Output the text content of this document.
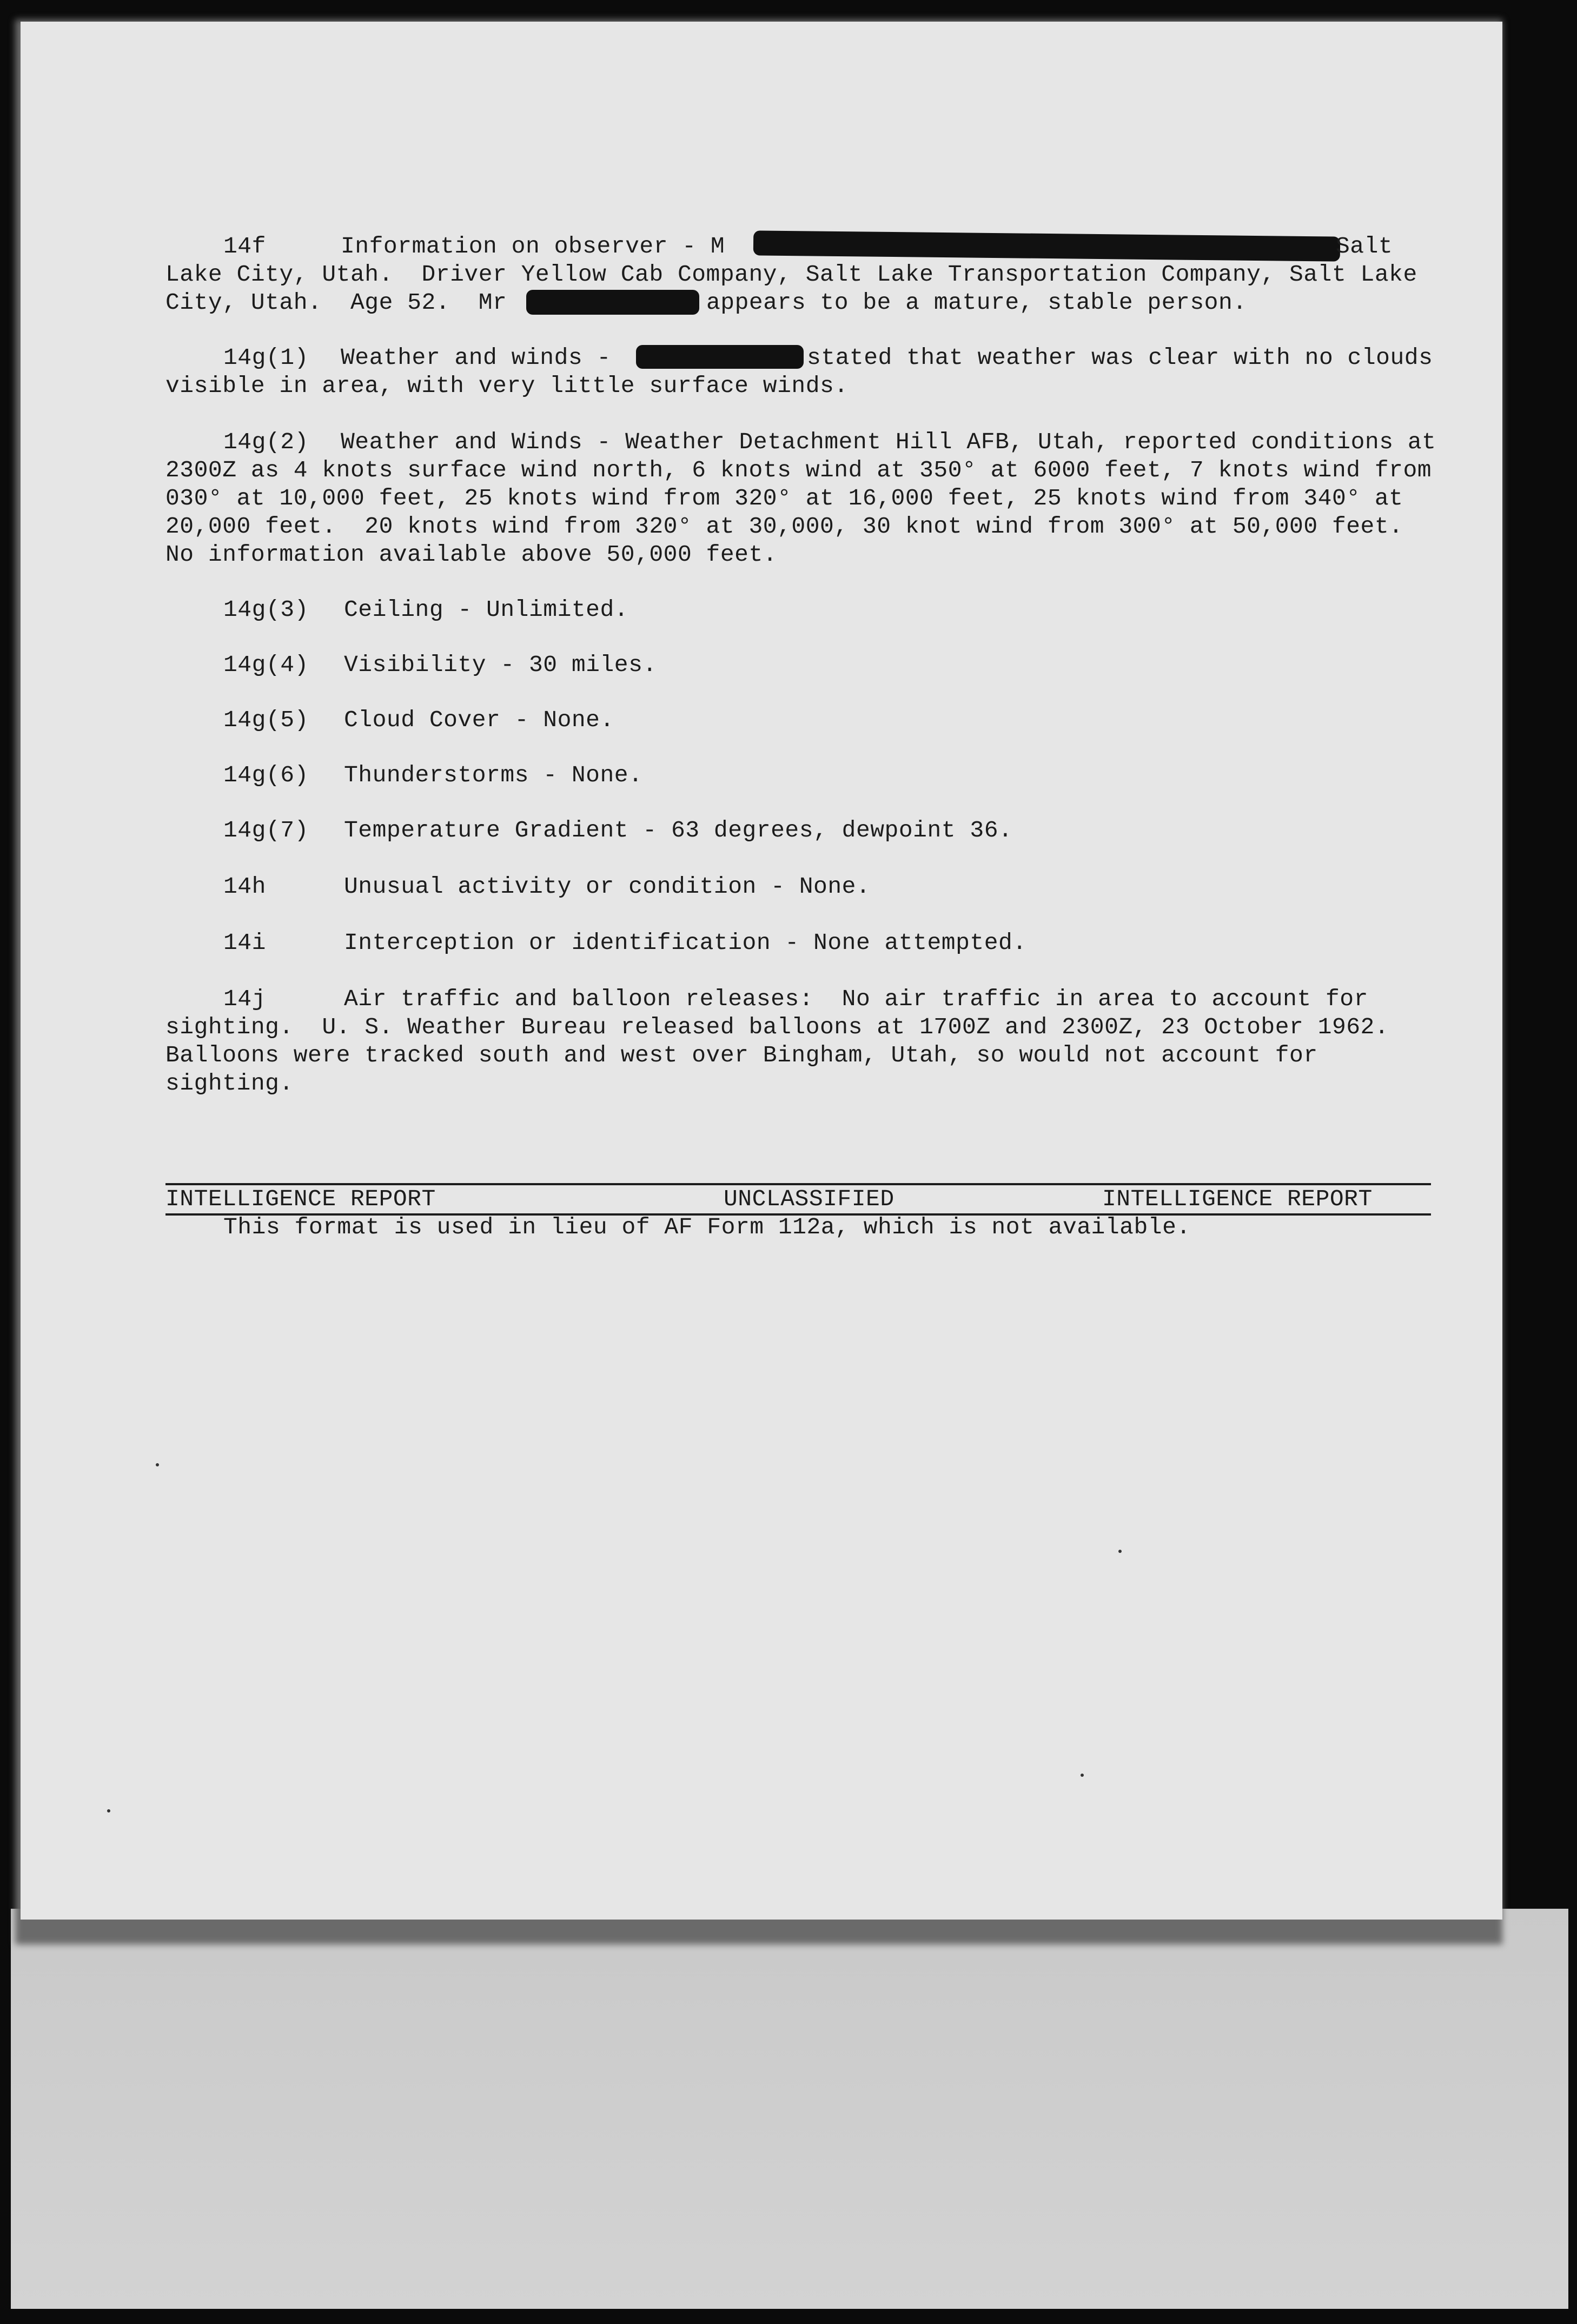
14f	Information on observer - M	Salt

Lake City, Utah.  Driver Yellow Cab Company, Salt Lake Transportation Company, Salt Lake

City, Utah.  Age 52.  Mr	appears to be a mature, stable person.

14g(1) Weather and winds -	stated that weather was clear with no clouds

visible in area, with very little surface winds.

14g(2) Weather and Winds - Weather Detachment Hill AFB, Utah, reported conditions at

2300Z as 4 knots surface wind north, 6 knots wind at 350° at 6000 feet, 7 knots wind from

030° at 10,000 feet, 25 knots wind from 320° at 16,000 feet, 25 knots wind from 340° at

20,000 feet.  20 knots wind from 320° at 30,000, 30 knot wind from 300° at 50,000 feet.

No information available above 50,000 feet.

14g(3) Ceiling - Unlimited.

14g(4) Visibility - 30 miles.

14g(5) Cloud Cover - None.

14g(6) Thunderstorms - None.

14g(7) Temperature Gradient - 63 degrees, dewpoint 36.

14h	Unusual activity or condition - None.

14i	Interception or identification - None attempted.

14j	Air traffic and balloon releases:  No air traffic in area to account for

sighting.  U. S. Weather Bureau released balloons at 1700Z and 2300Z, 23 October 1962.

Balloons were tracked south and west over Bingham, Utah, so would not account for

sighting.

INTELLIGENCE REPORT	UNCLASSIFIED	INTELLIGENCE REPORT

This format is used in lieu of AF Form 112a, which is not available.
